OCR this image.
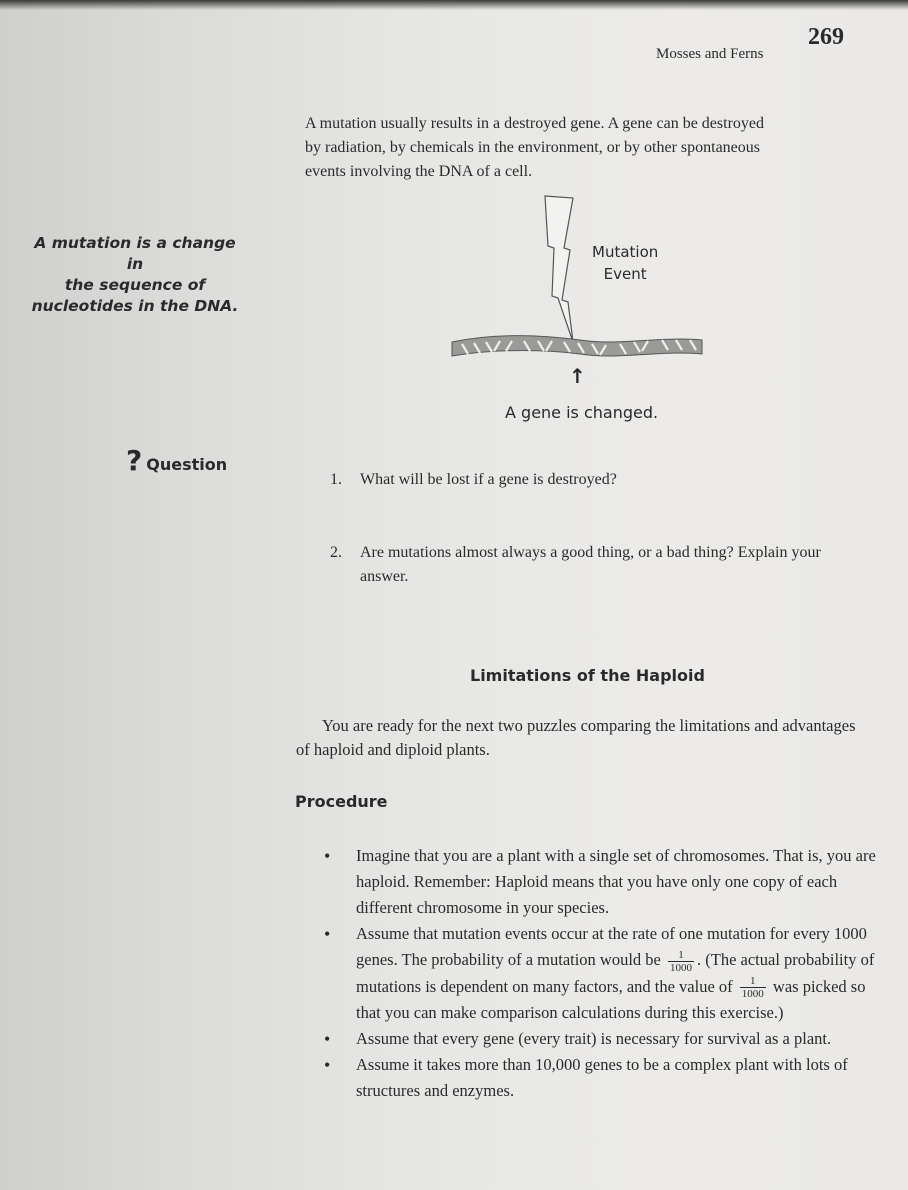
269
Mosses and Ferns

A mutation usually results in a destroyed gene. A gene can be destroyed

by radiation, by chemicals in the environment, or by other spontaneous

events involving the DNA of a cell.

A mutation is a change in
the sequence of
nucleotides in the DNA.
Mutation
Event
↑
A gene is changed.
? Question
1. What will be lost if a gene is destroyed?
2. Are mutations almost always a good thing, or a bad thing? Explain your answer.
Limitations of the Haploid
You are ready for the next two puzzles comparing the limitations and advantages of haploid and diploid plants.
Procedure
• Imagine that you are a plant with a single set of chromosomes. That is, you are haploid. Remember: Haploid means that you have only one copy of each different chromosome in your species.
• Assume that mutation events occur at the rate of one mutation for every 1000 genes. The probability of a mutation would be $\frac{1}{1000}$ . (The actual probability of mutations is dependent on many factors, and the value of $\frac{1}{1000}$ was picked so that you can make comparison calculations during this exercise.)
• Assume that every gene (every trait) is necessary for survival as a plant.
• Assume it takes more than 10,000 genes to be a complex plant with lots of structures and enzymes.
